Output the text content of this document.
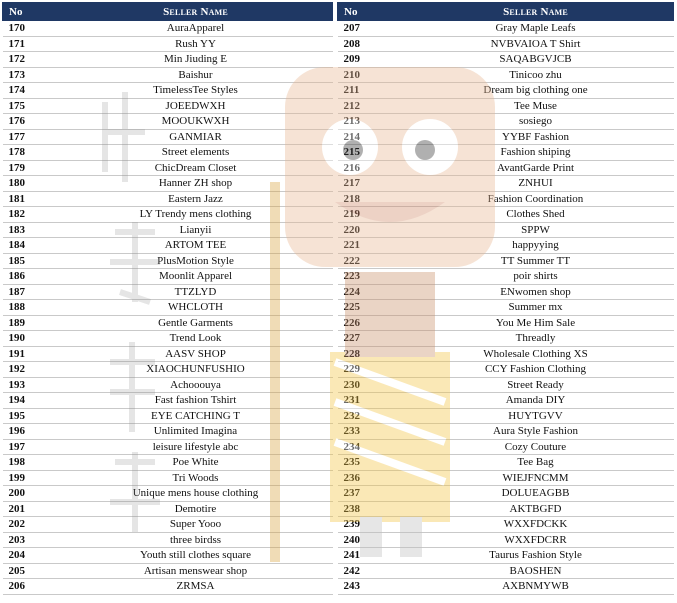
No	Seller Name
170	AuraApparel
171	Rush YY
172	Min Jiuding E
173	Baishur
174	TimelessTee Styles
175	JOEEDWXH
176	MOOUKWXH
177	GANMIAR
178	Street elements
179	ChicDream Closet
180	Hanner ZH shop
181	Eastern Jazz
182	LY Trendy mens clothing
183	Lianyii
184	ARTOM TEE
185	PlusMotion Style
186	Moonlit Apparel
187	TTZLYD
188	WHCLOTH
189	Gentle Garments
190	Trend Look
191	AASV SHOP
192	XIAOCHUNFUSHIO
193	Achooouya
194	Fast fashion Tshirt
195	EYE CATCHING T
196	Unlimited Imagina
197	leisure lifestyle abc
198	Poe White
199	Tri Woods
200	Unique mens house clothing
201	Demotire
202	Super Yooo
203	three birdss
204	Youth still clothes square
205	Artisan menswear shop
206	ZRMSA
No	Seller Name
207	Gray Maple Leafs
208	NVBVAIOA T Shirt
209	SAQABGVJCB
210	Tinicoo zhu
211	Dream big clothing one
212	Tee Muse
213	sosiego
214	YYBF Fashion
215	Fashion shiping
216	AvantGarde Print
217	ZNHUI
218	Fashion Coordination
219	Clothes Shed
220	SPPW
221	happyying
222	TT Summer TT
223	poir shirts
224	ENwomen shop
225	Summer mx
226	You Me Him Sale
227	Threadly
228	Wholesale Clothing XS
229	CCY Fashion Clothing
230	Street Ready
231	Amanda DIY
232	HUYTGVV
233	Aura Style Fashion
234	Cozy Couture
235	Tee Bag
236	WIEJFNCMM
237	DOLUEAGBB
238	AKTBGFD
239	WXXFDCKK
240	WXXFDCRR
241	Taurus Fashion Style
242	BAOSHEN
243	AXBNMYWB
